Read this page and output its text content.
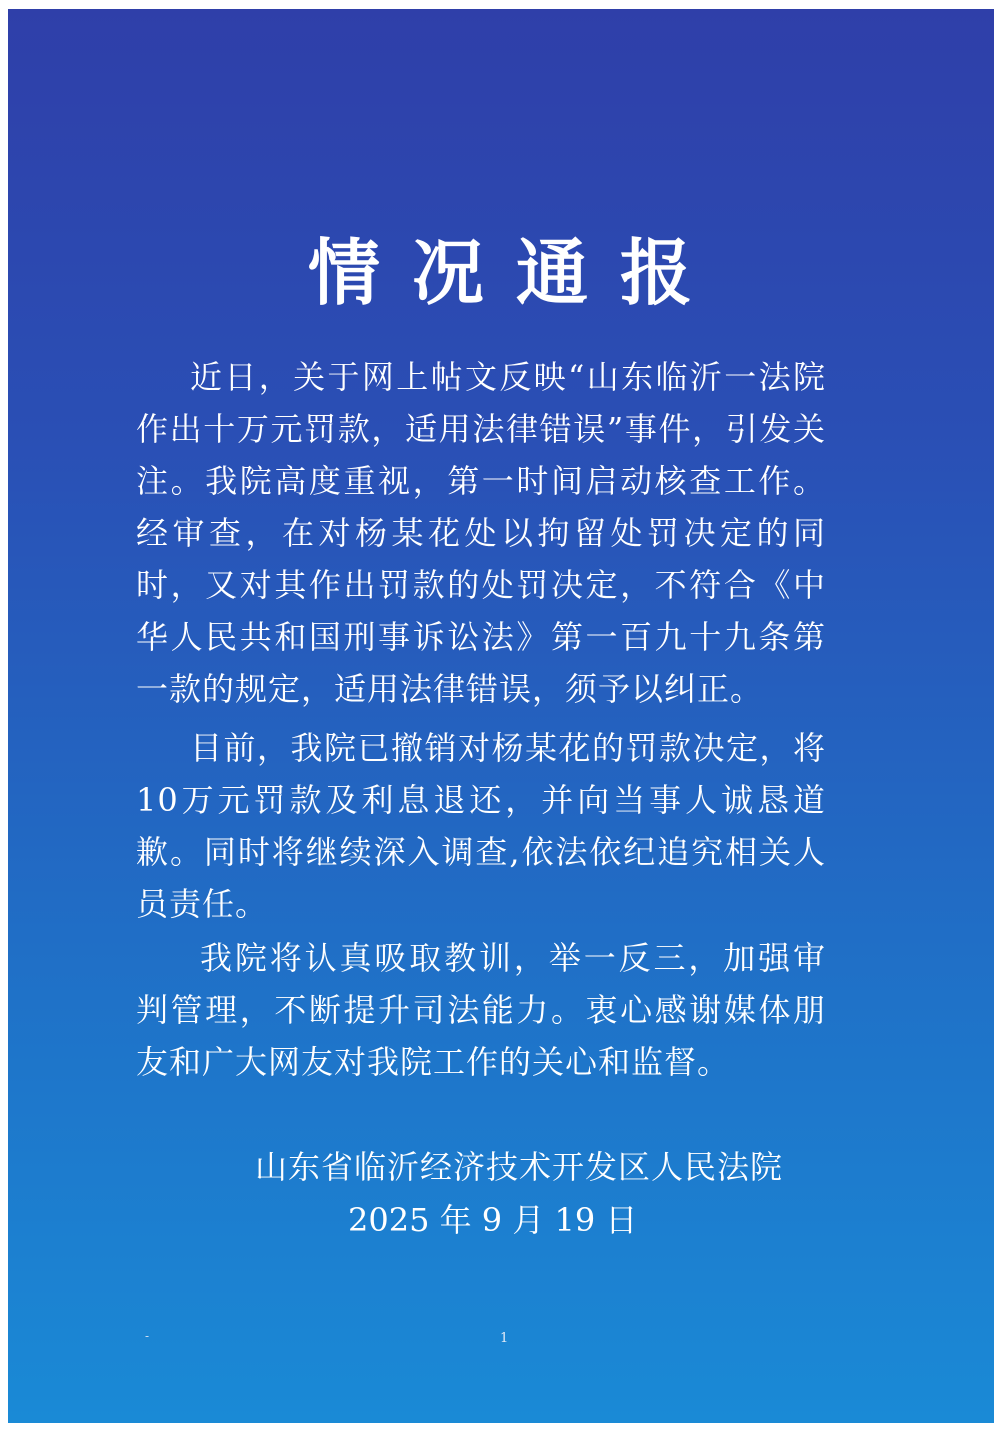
情况通报

近日，关于网上帖文反映“山东临沂一法院作出十万元罚款，适用法律错误”事件，引发关注。我院高度重视，第一时间启动核查工作。经审查，在对杨某花处以拘留处罚决定的同时，又对其作出罚款的处罚决定，不符合《中华人民共和国刑事诉讼法》第一百九十九条第一款的规定，适用法律错误，须予以纠正。

目前，我院已撤销对杨某花的罚款决定，将10万元罚款及利息退还，并向当事人诚恳道歉。同时将继续深入调查,依法依纪追究相关人员责任。

我院将认真吸取教训，举一反三，加强审判管理，不断提升司法能力。衷心感谢媒体朋友和广大网友对我院工作的关心和监督。

山东省临沂经济技术开发区人民法院
2025 年 9 月 19 日
-	1
